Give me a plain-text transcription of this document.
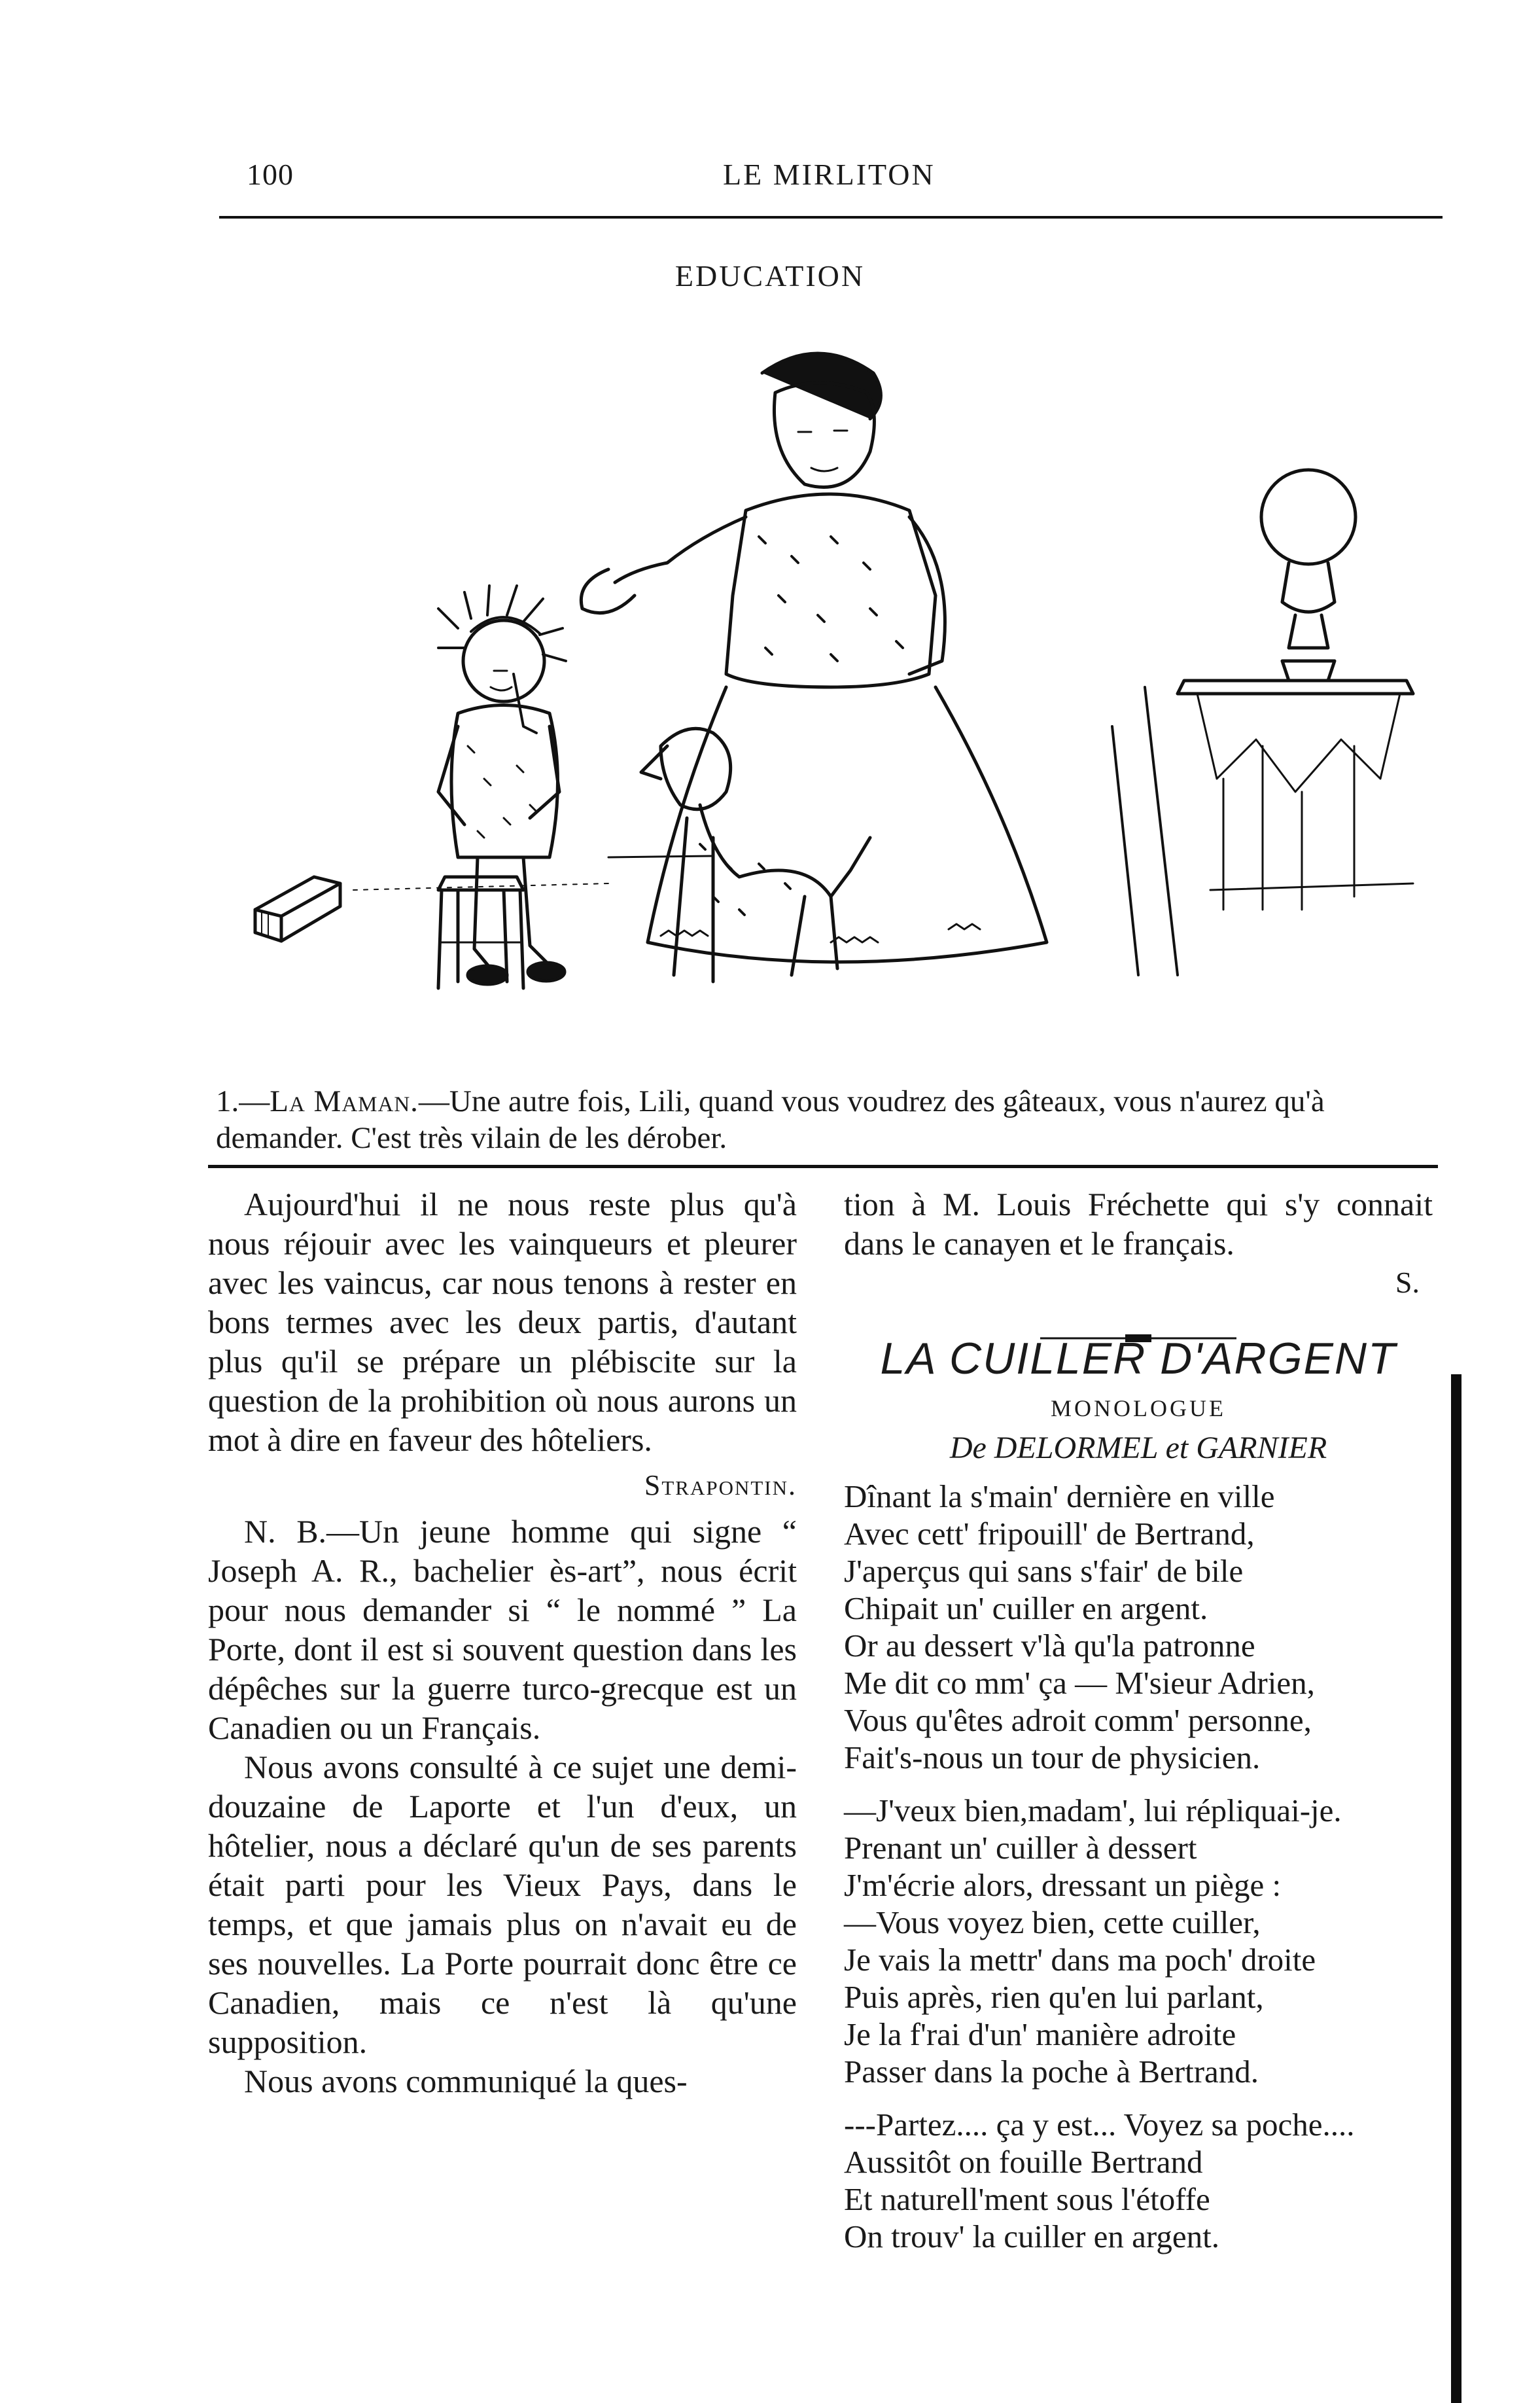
100	LE MIRLITON
EDUCATION
1.—La Maman.—Une autre fois, Lili, quand vous voudrez des gâteaux, vous n'aurez qu'à demander. C'est très vilain de les dérober.

Aujourd'hui il ne nous reste plus qu'à nous réjouir avec les vainqueurs et pleurer avec les vaincus, car nous tenons à rester en bons termes avec les deux partis, d'autant plus qu'il se prépare un plébiscite sur la question de la prohibition où nous aurons un mot à dire en faveur des hôteliers.

Strapontin.

N. B.—Un jeune homme qui signe “ Joseph A. R., bachelier ès-art”, nous écrit pour nous demander si “ le nommé ” La Porte, dont il est si souvent question dans les dépêches sur la guerre turco-grecque est un Canadien ou un Français.

Nous avons consulté à ce sujet une demi-douzaine de Laporte et l'un d'eux, un hôtelier, nous a déclaré qu'un de ses parents était parti pour les Vieux Pays, dans le temps, et que jamais plus on n'avait eu de ses nouvelles. La Porte pourrait donc être ce Canadien, mais ce n'est là qu'une supposition.

Nous avons communiqué la ques-

tion à M. Louis Fréchette qui s'y connait dans le canayen et le français.

S.
LA CUILLER D'ARGENT
MONOLOGUE
De DELORMEL et GARNIER
Dînant la s'main' dernière en ville
Avec cett' fripouill' de Bertrand,
J'aperçus qui sans s'fair' de bile
Chipait un' cuiller en argent.
Or au dessert v'là qu'la patronne
Me dit co mm' ça — M'sieur Adrien,
Vous qu'êtes adroit comm' personne,
Fait's-nous un tour de physicien.
—J'veux bien,madam', lui répliquai-je.
Prenant un' cuiller à dessert
J'm'écrie alors, dressant un piège :
—Vous voyez bien, cette cuiller,
Je vais la mettr' dans ma poch' droite
Puis après, rien qu'en lui parlant,
Je la f'rai d'un' manière adroite
Passer dans la poche à Bertrand.
---Partez.... ça y est... Voyez sa poche....
Aussitôt on fouille Bertrand
Et naturell'ment sous l'étoffe
On trouv' la cuiller en argent.
